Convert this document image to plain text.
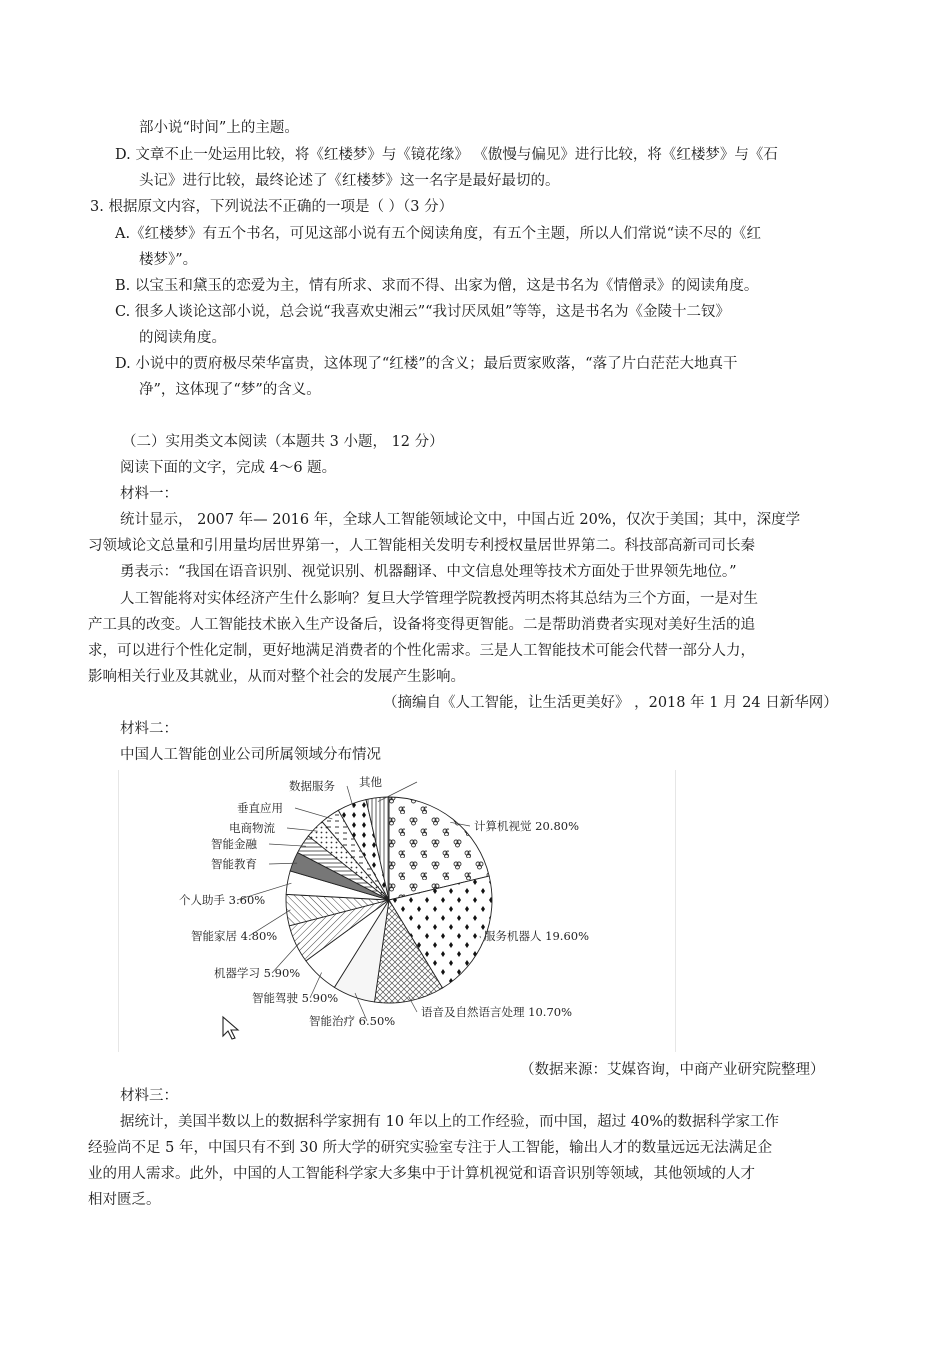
部小说“时间”上的主题。
D. 文章不止一处运用比较，将《红楼梦》与《镜花缘》 《傲慢与偏见》进行比较，将《红楼梦》与《石
头记》进行比较，最终论述了《红楼梦》这一名字是最好最切的。
3. 根据原文内容，下列说法不正确的一项是（ ）（3 分）
A.《红楼梦》有五个书名，可见这部小说有五个阅读角度，有五个主题，所以人们常说“读不尽的《红
楼梦》”。
B. 以宝玉和黛玉的恋爱为主，情有所求、求而不得、出家为僧，这是书名为《情僧录》的阅读角度。
C. 很多人谈论这部小说，总会说“我喜欢史湘云”“我讨厌凤姐”等等，这是书名为《金陵十二钗》
的阅读角度。
D. 小说中的贾府极尽荣华富贵，这体现了“红楼”的含义；最后贾家败落，“落了片白茫茫大地真干
净”，这体现了“梦”的含义。
（二）实用类文本阅读（本题共 3 小题， 12 分）
阅读下面的文字，完成 4～6 题。
材料一：
统计显示， 2007 年— 2016 年，全球人工智能领域论文中，中国占近 20%，仅次于美国；其中，深度学
习领域论文总量和引用量均居世界第一，人工智能相关发明专利授权量居世界第二。科技部高新司司长秦
勇表示：“我国在语音识别、视觉识别、机器翻译、中文信息处理等技术方面处于世界领先地位。”
人工智能将对实体经济产生什么影响？复旦大学管理学院教授芮明杰将其总结为三个方面，一是对生
产工具的改变。人工智能技术嵌入生产设备后，设备将变得更智能。二是帮助消费者实现对美好生活的追
求，可以进行个性化定制，更好地满足消费者的个性化需求。三是人工智能技术可能会代替一部分人力，
影响相关行业及其就业，从而对整个社会的发展产生影响。
（摘编自《人工智能，让生活更美好》 ，2018 年 1 月 24 日新华网）
材料二：
中国人工智能创业公司所属领域分布情况
（数据来源：艾媒咨询，中商产业研究院整理）
材料三：
据统计，美国半数以上的数据科学家拥有 10 年以上的工作经验，而中国，超过 40%的数据科学家工作
经验尚不足 5 年，中国只有不到 30 所大学的研究实验室专注于人工智能，输出人才的数量远远无法满足企
业的用人需求。此外，中国的人工智能科学家大多集中于计算机视觉和语音识别等领域，其他领域的人才
相对匮乏。
计算机视觉 20.80%
服务机器人 19.60%
语音及自然语言处理 10.70%
智能治疗 6.50%
智能驾驶 5.90%
机器学习 5.90%
智能家居 4.80%
个人助手 3.60%
智能教育
智能金融
电商物流
垂直应用
数据服务 其他
